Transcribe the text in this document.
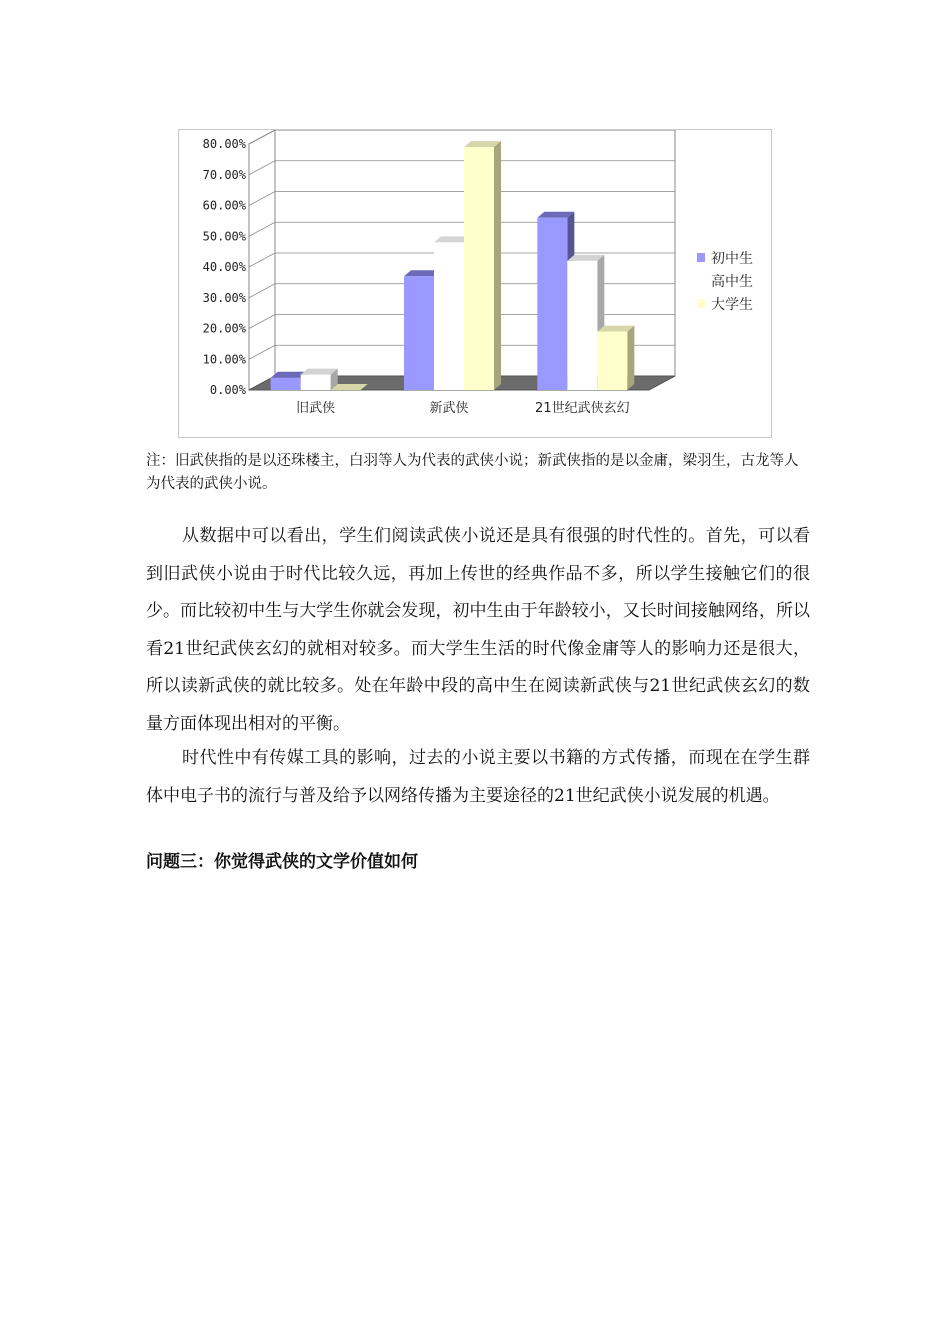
0.00%
10.00%
20.00%
30.00%
40.00%
50.00%
60.00%
70.00%
80.00%
旧武侠	新武侠	21世纪武侠玄幻
初中生
高中生
大学生
注：旧武侠指的是以还珠楼主，白羽等人为代表的武侠小说；新武侠指的是以金庸，梁羽生，古龙等人为代表的武侠小说。
从数据中可以看出，学生们阅读武侠小说还是具有很强的时代性的。首先，可以看到旧武侠小说由于时代比较久远，再加上传世的经典作品不多，所以学生接触它们的很少。而比较初中生与大学生你就会发现，初中生由于年龄较小，又长时间接触网络，所以看21世纪武侠玄幻的就相对较多。而大学生生活的时代像金庸等人的影响力还是很大，所以读新武侠的就比较多。处在年龄中段的高中生在阅读新武侠与21世纪武侠玄幻的数量方面体现出相对的平衡。
时代性中有传媒工具的影响，过去的小说主要以书籍的方式传播，而现在在学生群体中电子书的流行与普及给予以网络传播为主要途径的21世纪武侠小说发展的机遇。
问题三：你觉得武侠的文学价值如何
